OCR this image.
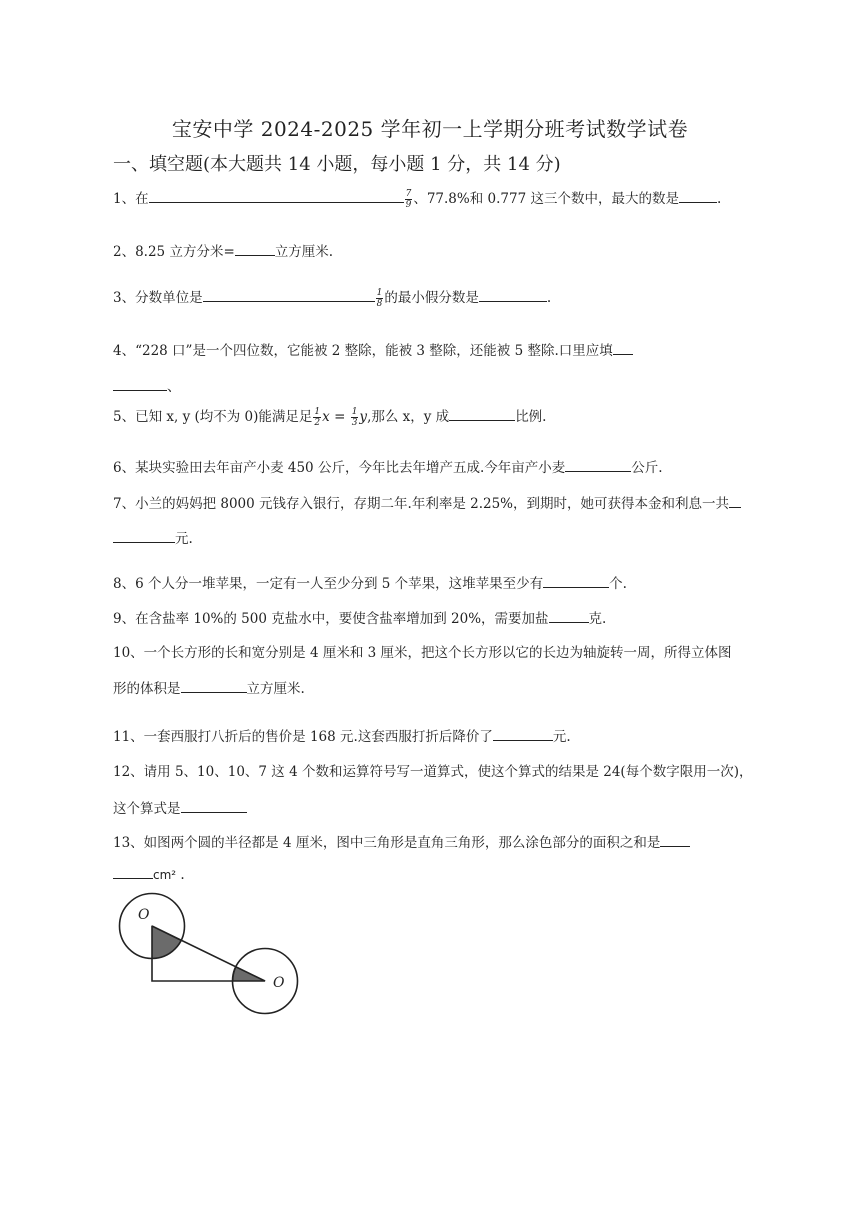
宝安中学 2024-2025 学年初一上学期分班考试数学试卷
一、填空题(本大题共 14 小题，每小题 1 分，共 14 分)
1、在	$\frac{7}{9}$ 、77.8%和 0.777 这三个数中，最大的数是	.
2、8.25 立方分米=	立方厘米.
3、分数单位是	$\frac{1}{8}$ 的最小假分数是	.
4、“228 口”是一个四位数，它能被 2 整除，能被 3 整除，还能被 5 整除.口里应填
、
5、已知 x, y (均不为 0)能满足足 $\frac{1}{2}$ $x = \frac{1}{3} y$,那么 x，y 成	比例.
6、某块实验田去年亩产小麦 450 公斤，今年比去年增产五成.今年亩产小麦	公斤.
7、小兰的妈妈把 8000 元钱存入银行，存期二年.年利率是 2.25%，到期时，她可获得本金和利息一共
元.
8、6 个人分一堆苹果，一定有一人至少分到 5 个苹果，这堆苹果至少有	个.
9、在含盐率 10%的 500 克盐水中，要使含盐率增加到 20%，需要加盐	克.
10、一个长方形的长和宽分别是 4 厘米和 3 厘米，把这个长方形以它的长边为轴旋转一周，所得立体图
形的体积是	立方厘米.
11、一套西服打八折后的售价是 168 元.这套西服打折后降价了	元.
12、请用 5、10、10、7 这 4 个数和运算符号写一道算式，使这个算式的结果是 24(每个数字限用一次)，
这个算式是
13、如图两个圆的半径都是 4 厘米，图中三角形是直角三角形，那么涂色部分的面积之和是
cm² .
O
O
